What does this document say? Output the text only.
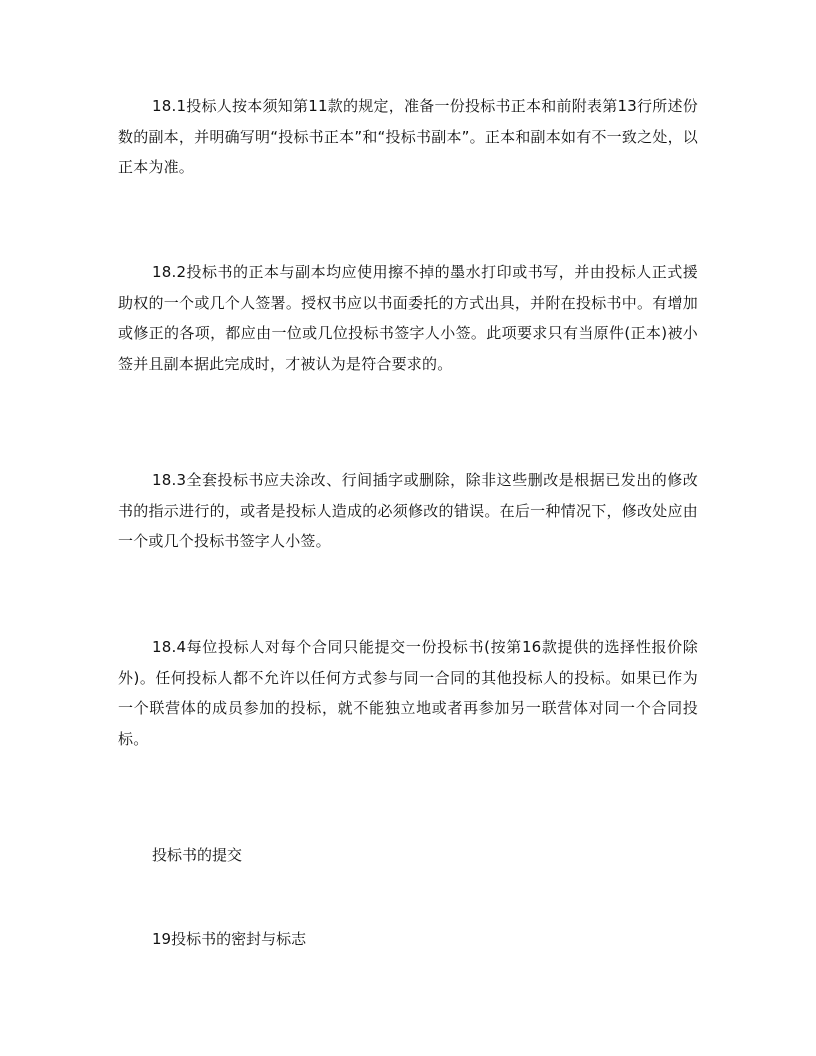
18.1投标人按本须知第11款的规定，准备一份投标书正本和前附表第13行所述份数的副本，并明确写明“投标书正本”和“投标书副本”。正本和副本如有不一致之处，以正本为准。

18.2投标书的正本与副本均应使用擦不掉的墨水打印或书写，并由投标人正式援助权的一个或几个人签署。授权书应以书面委托的方式出具，并附在投标书中。有增加或修正的各项，都应由一位或几位投标书签字人小签。此项要求只有当原件(正本)被小签并且副本据此完成时，才被认为是符合要求的。

18.3全套投标书应夫涂改、行间插字或删除，除非这些删改是根据已发出的修改书的指示进行的，或者是投标人造成的必须修改的错误。在后一种情况下，修改处应由一个或几个投标书签字人小签。

18.4每位投标人对每个合同只能提交一份投标书(按第16款提供的选择性报价除外)。任何投标人都不允许以任何方式参与同一合同的其他投标人的投标。如果已作为一个联营体的成员参加的投标，就不能独立地或者再参加另一联营体对同一个合同投标。

投标书的提交

19投标书的密封与标志
